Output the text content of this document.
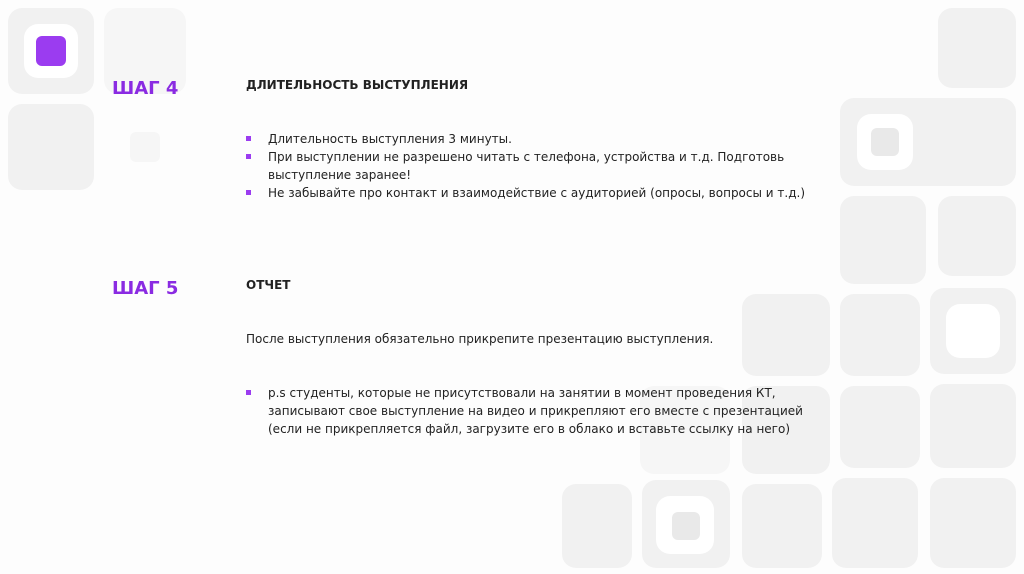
ШАГ 4	ДЛИТЕЛЬНОСТЬ ВЫСТУПЛЕНИЯ
Длительность выступления 3 минуты.
При выступлении не разрешено читать с телефона, устройства и т.д. Подготовь выступление заранее!
Не забывайте про контакт и взаимодействие с аудиторией (опросы, вопросы и т.д.)
ШАГ 5	ОТЧЕТ
После выступления обязательно прикрепите презентацию выступления.
p.s студенты, которые не присутствовали на занятии в момент проведения КТ, записывают свое выступление на видео и прикрепляют его вместе с презентацией (если не прикрепляется файл, загрузите его в облако и вставьте ссылку на него)
